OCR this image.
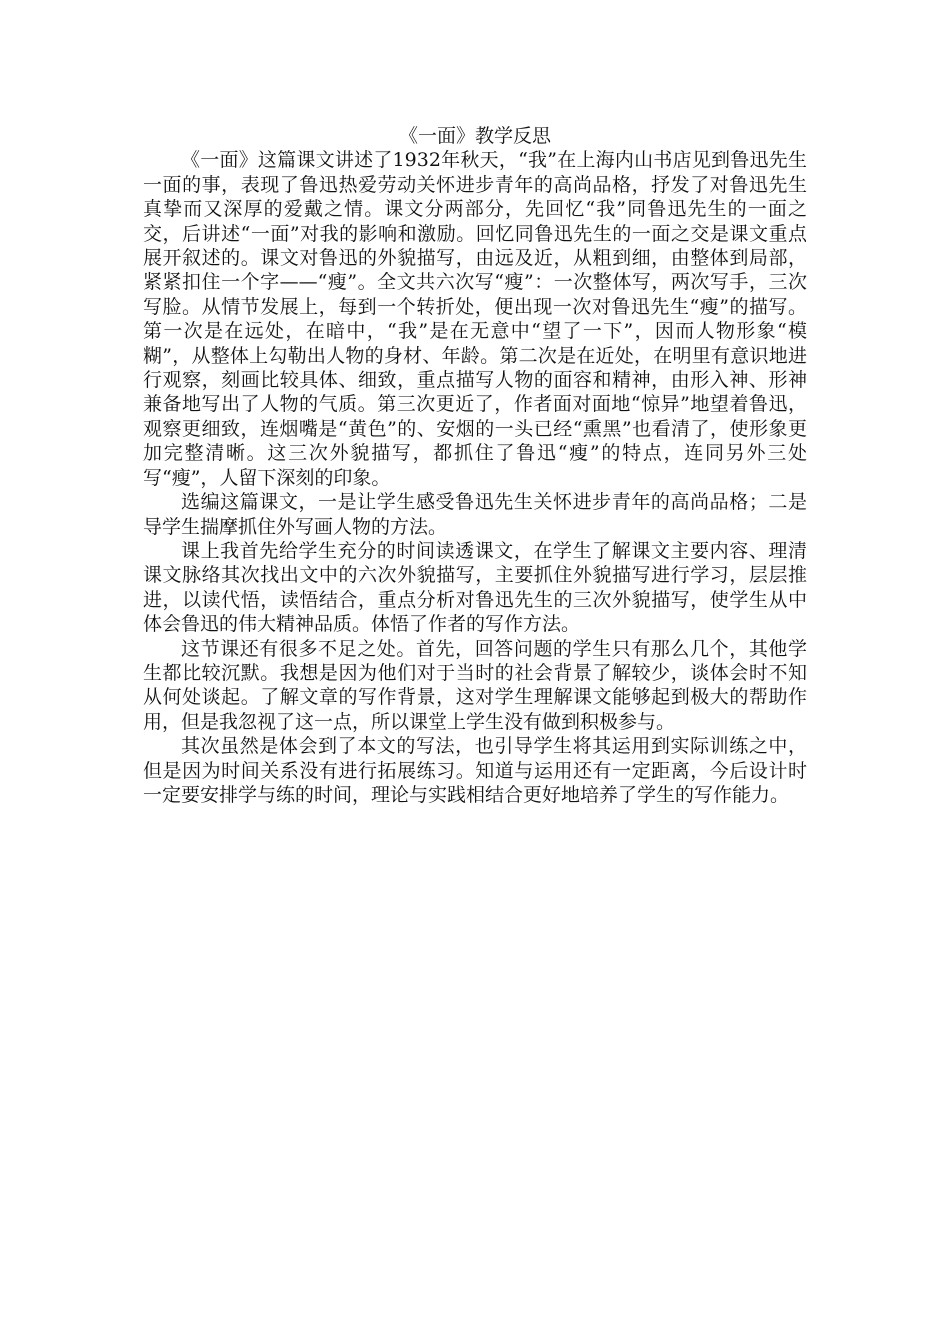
《一面》教学反思

《一面》这篇课文讲述了1932年秋天，“我”在上海内山书店见到鲁迅先生一面的事，表现了鲁迅热爱劳动关怀进步青年的高尚品格，抒发了对鲁迅先生真挚而又深厚的爱戴之情。课文分两部分，先回忆“我”同鲁迅先生的一面之交，后讲述“一面”对我的影响和激励。回忆同鲁迅先生的一面之交是课文重点展开叙述的。课文对鲁迅的外貌描写，由远及近，从粗到细，由整体到局部，紧紧扣住一个字——“瘦”。全文共六次写“瘦”：一次整体写，两次写手，三次写脸。从情节发展上，每到一个转折处，便出现一次对鲁迅先生“瘦”的描写。第一次是在远处，在暗中，“我”是在无意中“望了一下”，因而人物形象“模糊”，从整体上勾勒出人物的身材、年龄。第二次是在近处，在明里有意识地进行观察，刻画比较具体、细致，重点描写人物的面容和精神，由形入神、形神兼备地写出了人物的气质。第三次更近了，作者面对面地“惊异”地望着鲁迅，观察更细致，连烟嘴是“黄色”的、安烟的一头已经“熏黑”也看清了，使形象更加完整清晰。这三次外貌描写，都抓住了鲁迅“瘦”的特点，连同另外三处写“瘦”，人留下深刻的印象。

选编这篇课文，一是让学生感受鲁迅先生关怀进步青年的高尚品格；二是导学生揣摩抓住外写画人物的方法。

课上我首先给学生充分的时间读透课文，在学生了解课文主要内容、理清课文脉络其次找出文中的六次外貌描写，主要抓住外貌描写进行学习，层层推进，以读代悟，读悟结合，重点分析对鲁迅先生的三次外貌描写，使学生从中体会鲁迅的伟大精神品质。体悟了作者的写作方法。

这节课还有很多不足之处。首先，回答问题的学生只有那么几个，其他学生都比较沉默。我想是因为他们对于当时的社会背景了解较少，谈体会时不知从何处谈起。了解文章的写作背景，这对学生理解课文能够起到极大的帮助作用，但是我忽视了这一点，所以课堂上学生没有做到积极参与。

其次虽然是体会到了本文的写法，也引导学生将其运用到实际训练之中，但是因为时间关系没有进行拓展练习。知道与运用还有一定距离，今后设计时一定要安排学与练的时间，理论与实践相结合更好地培养了学生的写作能力。
